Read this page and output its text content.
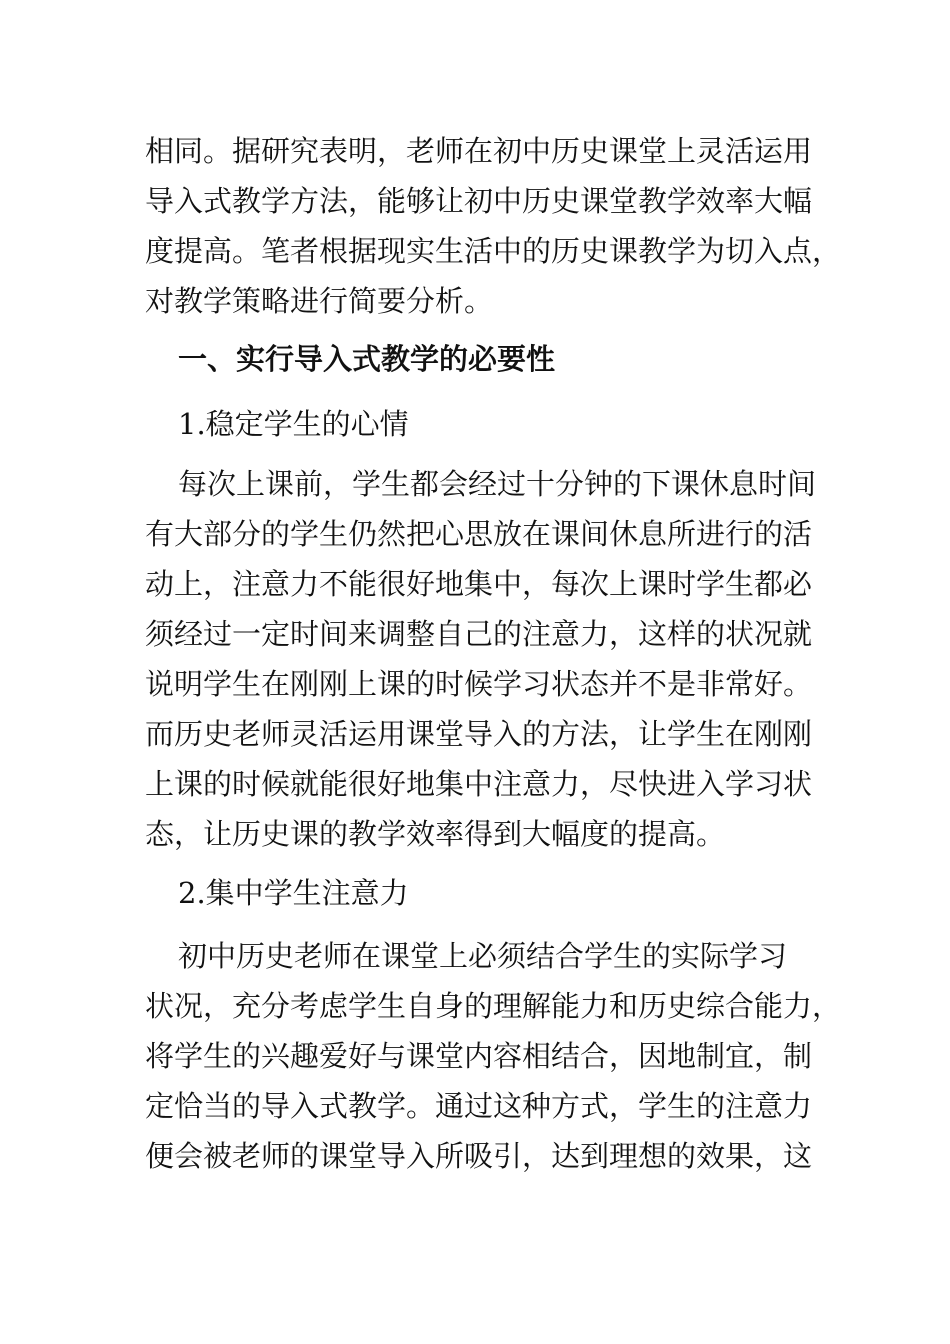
相同。据研究表明，老师在初中历史课堂上灵活运用
导入式教学方法，能够让初中历史课堂教学效率大幅
度提高。笔者根据现实生活中的历史课教学为切入点，
对教学策略进行简要分析。
一、实行导入式教学的必要性
1.稳定学生的心情
每次上课前，学生都会经过十分钟的下课休息时间
有大部分的学生仍然把心思放在课间休息所进行的活
动上，注意力不能很好地集中，每次上课时学生都必
须经过一定时间来调整自己的注意力，这样的状况就
说明学生在刚刚上课的时候学习状态并不是非常好。
而历史老师灵活运用课堂导入的方法，让学生在刚刚
上课的时候就能很好地集中注意力，尽快进入学习状
态，让历史课的教学效率得到大幅度的提高。
2.集中学生注意力
初中历史老师在课堂上必须结合学生的实际学习
状况，充分考虑学生自身的理解能力和历史综合能力，
将学生的兴趣爱好与课堂内容相结合，因地制宜，制
定恰当的导入式教学。通过这种方式，学生的注意力
便会被老师的课堂导入所吸引，达到理想的效果，这
